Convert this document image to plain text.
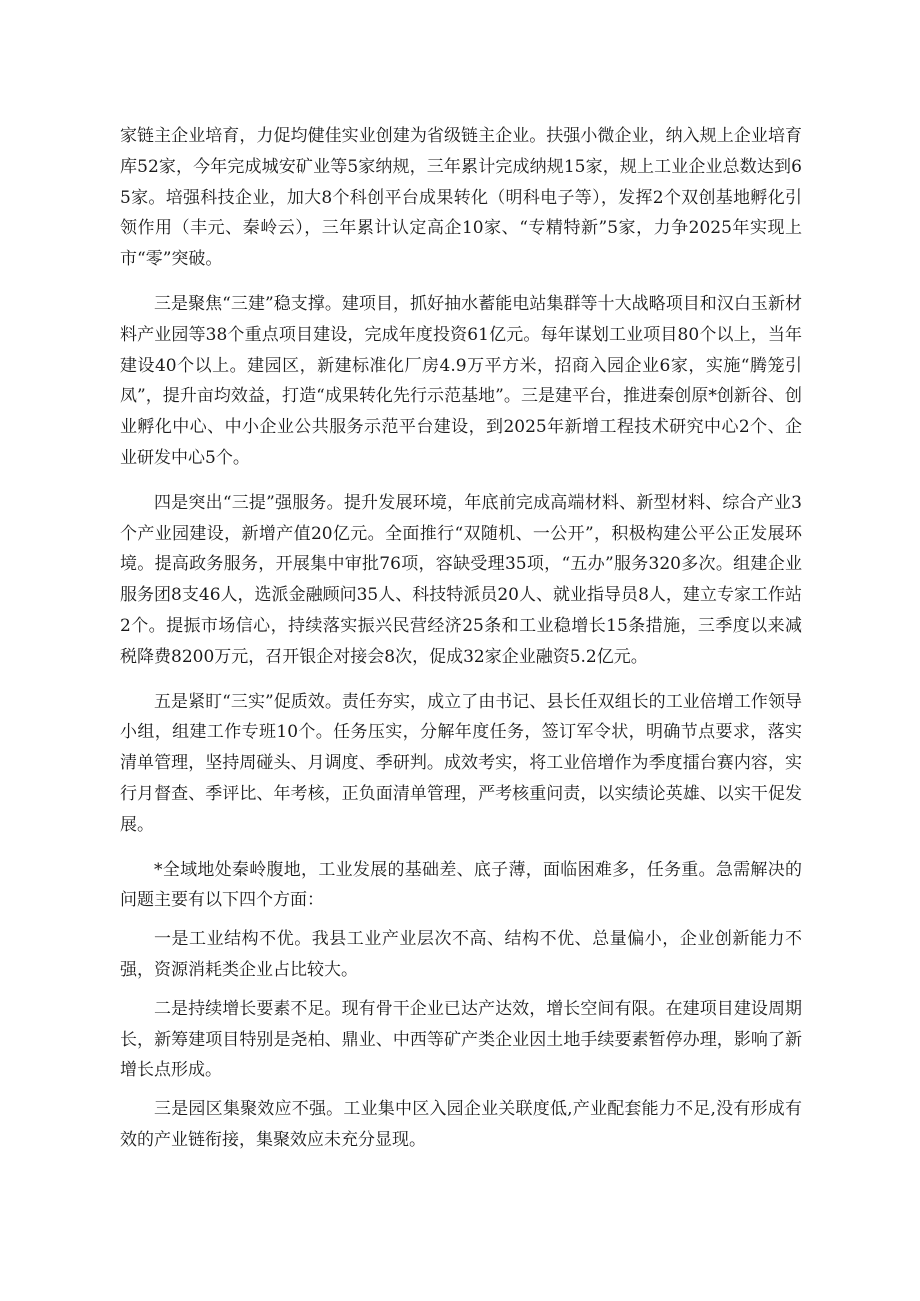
家链主企业培育，力促均健佳实业创建为省级链主企业。扶强小微企业，纳入规上企业培育库52家，今年完成城安矿业等5家纳规，三年累计完成纳规15家，规上工业企业总数达到65家。培强科技企业，加大8个科创平台成果转化（明科电子等），发挥2个双创基地孵化引领作用（丰元、秦岭云），三年累计认定高企10家、“专精特新”5家，力争2025年实现上市“零”突破。

三是聚焦“三建”稳支撑。建项目，抓好抽水蓄能电站集群等十大战略项目和汉白玉新材料产业园等38个重点项目建设，完成年度投资61亿元。每年谋划工业项目80个以上，当年建设40个以上。建园区，新建标准化厂房4.9万平方米，招商入园企业6家，实施“腾笼引凤”，提升亩均效益，打造“成果转化先行示范基地”。三是建平台，推进秦创原*创新谷、创业孵化中心、中小企业公共服务示范平台建设，到2025年新增工程技术研究中心2个、企业研发中心5个。

四是突出“三提”强服务。提升发展环境，年底前完成高端材料、新型材料、综合产业3个产业园建设，新增产值20亿元。全面推行“双随机、一公开”，积极构建公平公正发展环境。提高政务服务，开展集中审批76项，容缺受理35项，“五办”服务320多次。组建企业服务团8支46人，选派金融顾问35人、科技特派员20人、就业指导员8人，建立专家工作站2个。提振市场信心，持续落实振兴民营经济25条和工业稳增长15条措施，三季度以来减税降费8200万元，召开银企对接会8次，促成32家企业融资5.2亿元。

五是紧盯“三实”促质效。责任夯实，成立了由书记、县长任双组长的工业倍增工作领导小组，组建工作专班10个。任务压实，分解年度任务，签订军令状，明确节点要求，落实清单管理，坚持周碰头、月调度、季研判。成效考实，将工业倍增作为季度擂台赛内容，实行月督查、季评比、年考核，正负面清单管理，严考核重问责，以实绩论英雄、以实干促发展。

*全域地处秦岭腹地，工业发展的基础差、底子薄，面临困难多，任务重。急需解决的问题主要有以下四个方面：

一是工业结构不优。我县工业产业层次不高、结构不优、总量偏小，企业创新能力不强，资源消耗类企业占比较大。

二是持续增长要素不足。现有骨干企业已达产达效，增长空间有限。在建项目建设周期长，新筹建项目特别是尧柏、鼎业、中西等矿产类企业因土地手续要素暂停办理，影响了新增长点形成。

三是园区集聚效应不强。工业集中区入园企业关联度低,产业配套能力不足,没有形成有效的产业链衔接，集聚效应未充分显现。
